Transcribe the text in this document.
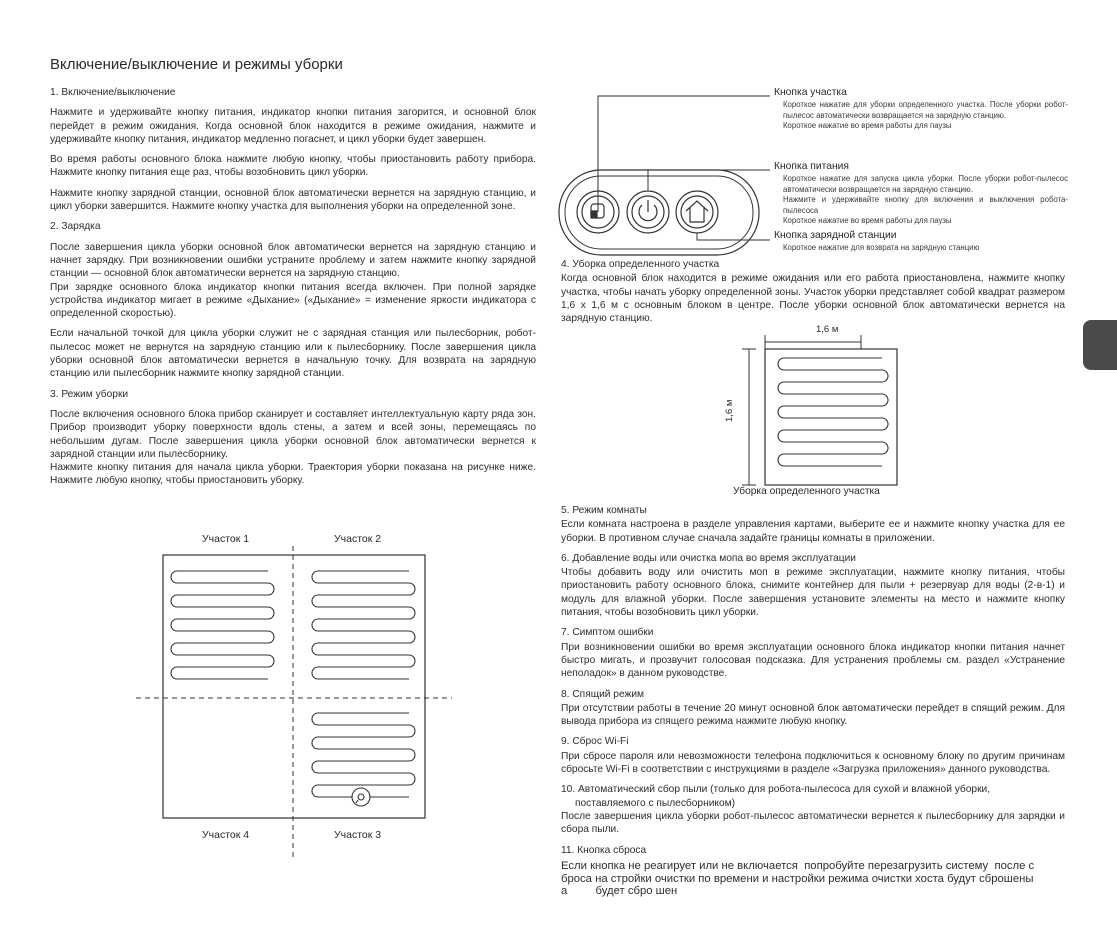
Включение/выключение и режимы уборки
1. Включение/выключение

Нажмите и удерживайте кнопку питания, индикатор кнопки питания загорится, и основной блок перейдет в режим ожидания. Когда основной блок находится в режиме ожидания, нажмите и удерживайте кнопку питания, индикатор медленно погаснет, и цикл уборки будет завершен.

Во время работы основного блока нажмите любую кнопку, чтобы приостановить работу прибора. Нажмите кнопку питания еще раз, чтобы возобновить цикл уборки.

Нажмите кнопку зарядной станции, основной блок автоматически вернется на зарядную станцию, и цикл уборки завершится. Нажмите кнопку участка для выполнения уборки на определенной зоне.

2. Зарядка
После завершения цикла уборки основной блок автоматически вернется на зарядную станцию и начнет зарядку. При возникновении ошибки устраните проблему и затем нажмите кнопку зарядной станции — основной блок автоматически вернется на зарядную станцию.

При зарядке основного блока индикатор кнопки питания всегда включен. При полной зарядке устройства индикатор мигает в режиме «Дыхание» («Дыхание» = изменение яркости индикатора с определенной скоростью).

Если начальной точкой для цикла уборки служит не с зарядная станция или пылесборник, робот-пылесос может не вернутся на зарядную станцию или к пылесборнику. После завершения цикла уборки основной блок автоматически вернется в начальную точку. Для возврата на зарядную станцию или пылесборник нажмите кнопку зарядной станции.

3. Режим уборки
После включения основного блока прибор сканирует и составляет интеллектуальную карту ряда зон. Прибор производит уборку поверхности вдоль стены, а затем и всей зоны, перемещаясь по небольшим дугам. После завершения цикла уборки основной блок автоматически вернется к зарядной станции или пылесборнику.

Нажмите кнопку питания для начала цикла уборки. Траектория уборки показана на рисунке ниже. Нажмите любую кнопку, чтобы приостановить уборку.

Участок 1	Участок 2
Участок 4	Участок 3
Кнопка участка
Короткое нажатие для уборки определенного участка. После уборки робот-пылесос автоматически возвращается на зарядную станцию.
Короткое нажатие во время работы для паузы
Кнопка питания
Короткое нажатие для запуска цикла уборки. После уборки робот-пылесос автоматически возвращается на зарядную станцию.
Нажмите и удерживайте кнопку для включения и выключения робота-пылесоса
Короткое нажатие во время работы для паузы
Кнопка зарядной станции
Короткое нажатие для возврата на зарядную станцию
4. Уборка определенного участка
Когда основной блок находится в режиме ожидания или его работа приостановлена, нажмите кнопку участка, чтобы начать уборку определенной зоны. Участок уборки представляет собой квадрат размером 1,6 х 1,6 м с основным блоком в центре. После уборки основной блок автоматически вернется на зарядную станцию.
1,6 м
1,6 м
Уборка определенного участка
5. Режим комнаты

Если комната настроена в разделе управления картами, выберите ее и нажмите кнопку участка для ее уборки. В противном случае сначала задайте границы комнаты в приложении.

6. Добавление воды или очистка мопа во время эксплуатации

Чтобы добавить воду или очистить моп в режиме эксплуатации, нажмите кнопку питания, чтобы приостановить работу основного блока, снимите контейнер для пыли + резервуар для воды (2-в-1) и модуль для влажной уборки. После завершения установите элементы на место и нажмите кнопку питания, чтобы возобновить цикл уборки.

7. Симптом ошибки

При возникновении ошибки во время эксплуатации основного блока индикатор кнопки питания начнет быстро мигать, и прозвучит голосовая подсказка. Для устранения проблемы см. раздел «Устранение неполадок» в данном руководстве.

8. Спящий режим

При отсутствии работы в течение 20 минут основной блок автоматически перейдет в спящий режим. Для вывода прибора из спящего режима нажмите любую кнопку.

9. Сброс Wi-Fi

При сбросе пароля или невозможности телефона подключиться к основному блоку по другим причинам сбросьте Wi-Fi в соответствии с инструкциями в разделе «Загрузка приложения» данного руководства.

10. Автоматический сбор пыли (только для робота-пылесоса для сухой и влажной уборки,
поставляемого с пылесборником)

После завершения цикла уборки робот-пылесос автоматически вернется к пылесборнику для зарядки и сбора пыли.

11. Кнопка сброса
Если кнопка не реагирует или не включается  попробуйте перезагрузить систему  после с
броса на стройки очистки по времени и настройки режима очистки хоста будут сброшены
а         будет сбро шен
